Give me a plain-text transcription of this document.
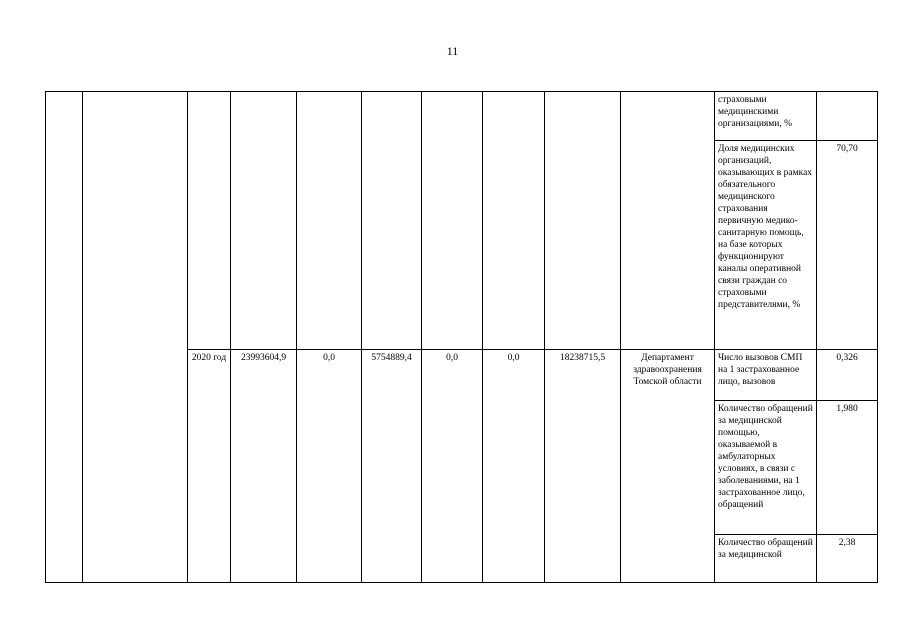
11
										страховыми медицинскими организациями, %	
										Доля медицинских организаций, оказывающих в рамках обязательного медицинского страхования первичную медико-санитарную помощь, на базе которых функционируют каналы оперативной связи граждан со страховыми представителями, %	70,70
		2020 год	23993604,9	0,0	5754889,4	0,0	0,0	18238715,5	Департамент здравоохранения Томской области	Число вызовов СМП на 1 застрахованное лицо, вызовов	0,326
										Количество обращений за медицинской помощью, оказываемой в амбулаторных условиях, в связи с заболеваниями, на 1 застрахованное лицо, обращений	1,980
										Количество обращений за медицинской	2,38
